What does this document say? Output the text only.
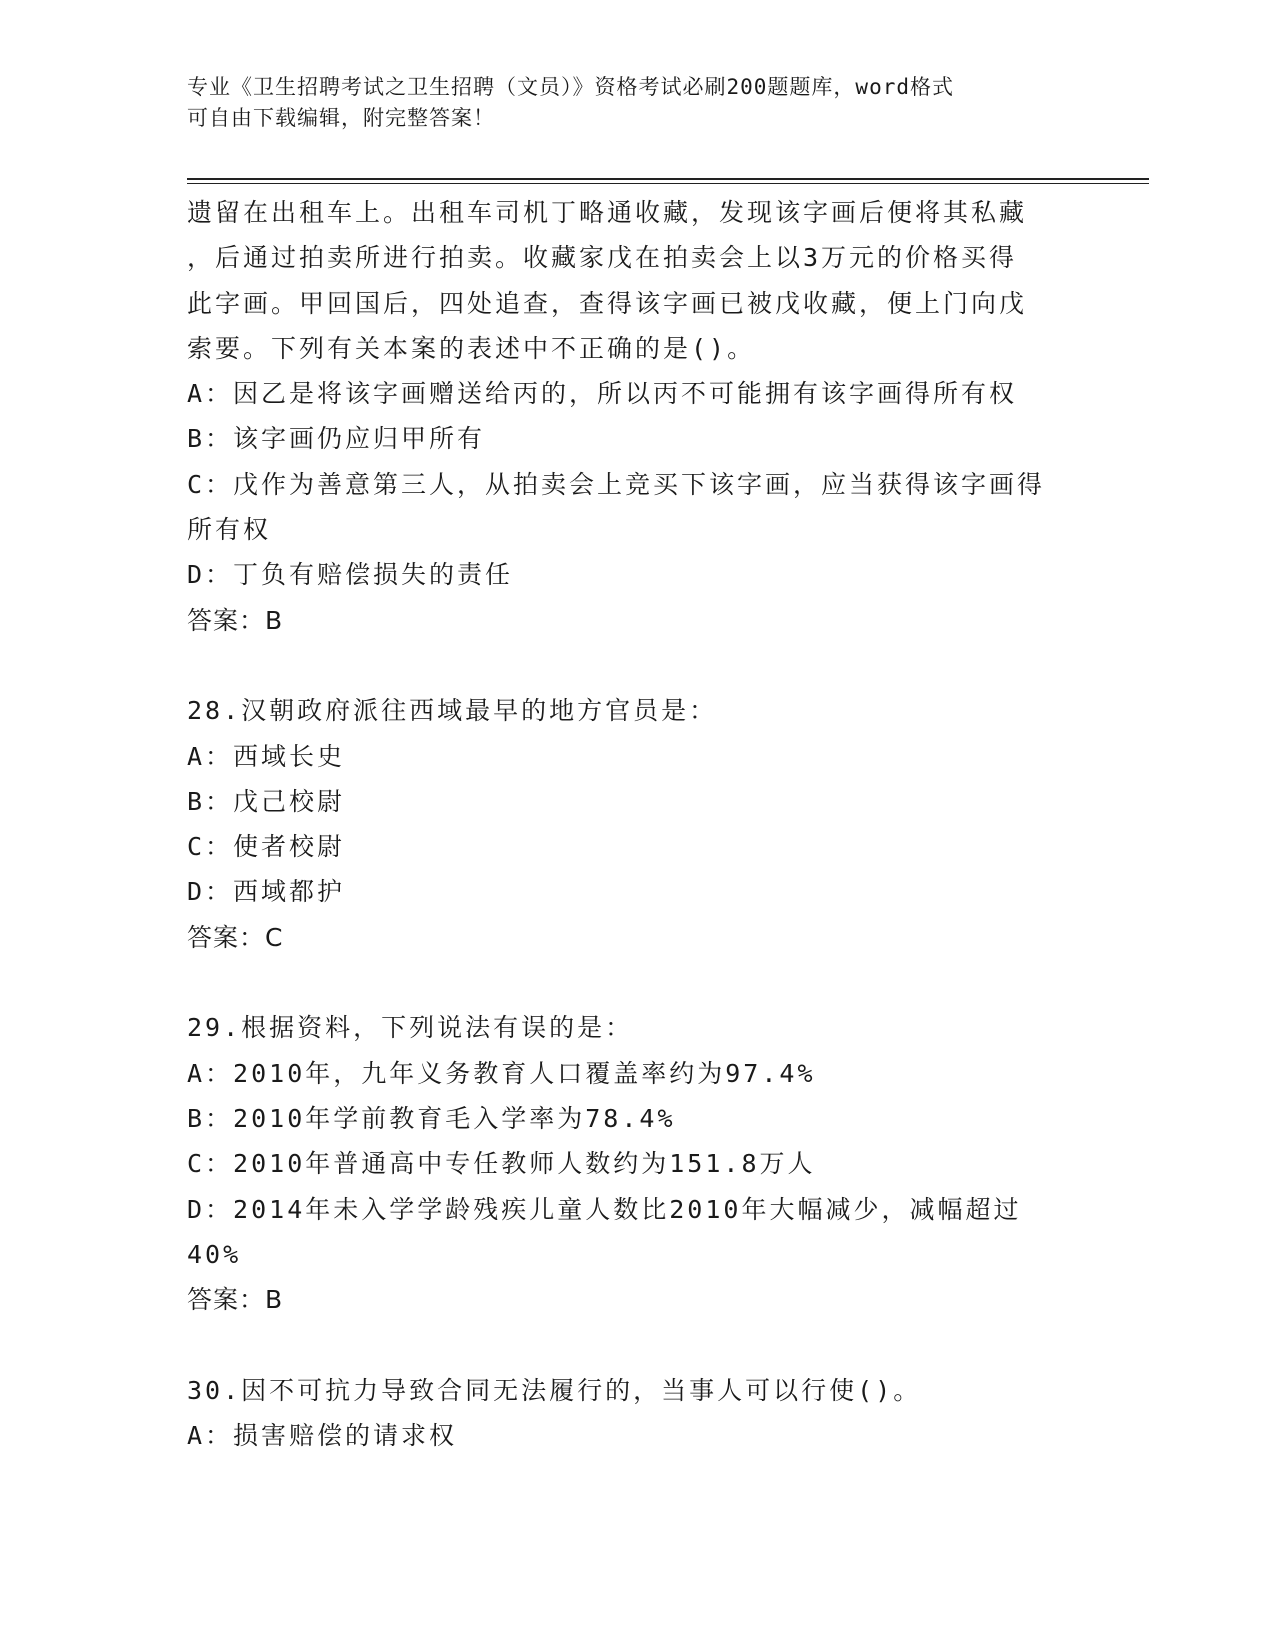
专业《卫生招聘考试之卫生招聘（文员）》资格考试必刷200题题库，word格式
可自由下载编辑，附完整答案！
遗留在出租车上。出租车司机丁略通收藏，发现该字画后便将其私藏
，后通过拍卖所进行拍卖。收藏家戊在拍卖会上以3万元的价格买得
此字画。甲回国后，四处追查，查得该字画已被戊收藏，便上门向戊
索要。下列有关本案的表述中不正确的是()。
A：因乙是将该字画赠送给丙的，所以丙不可能拥有该字画得所有权
B：该字画仍应归甲所有
C：戊作为善意第三人，从拍卖会上竞买下该字画，应当获得该字画得
所有权
D：丁负有赔偿损失的责任
答案：B
28.汉朝政府派往西域最早的地方官员是：
A：西域长史
B：戊己校尉
C：使者校尉
D：西域都护
答案：C
29.根据资料，下列说法有误的是：
A：2010年，九年义务教育人口覆盖率约为97.4%
B：2010年学前教育毛入学率为78.4%
C：2010年普通高中专任教师人数约为151.8万人
D：2014年未入学学龄残疾儿童人数比2010年大幅减少，减幅超过
40%
答案：B
30.因不可抗力导致合同无法履行的，当事人可以行使()。
A：损害赔偿的请求权
